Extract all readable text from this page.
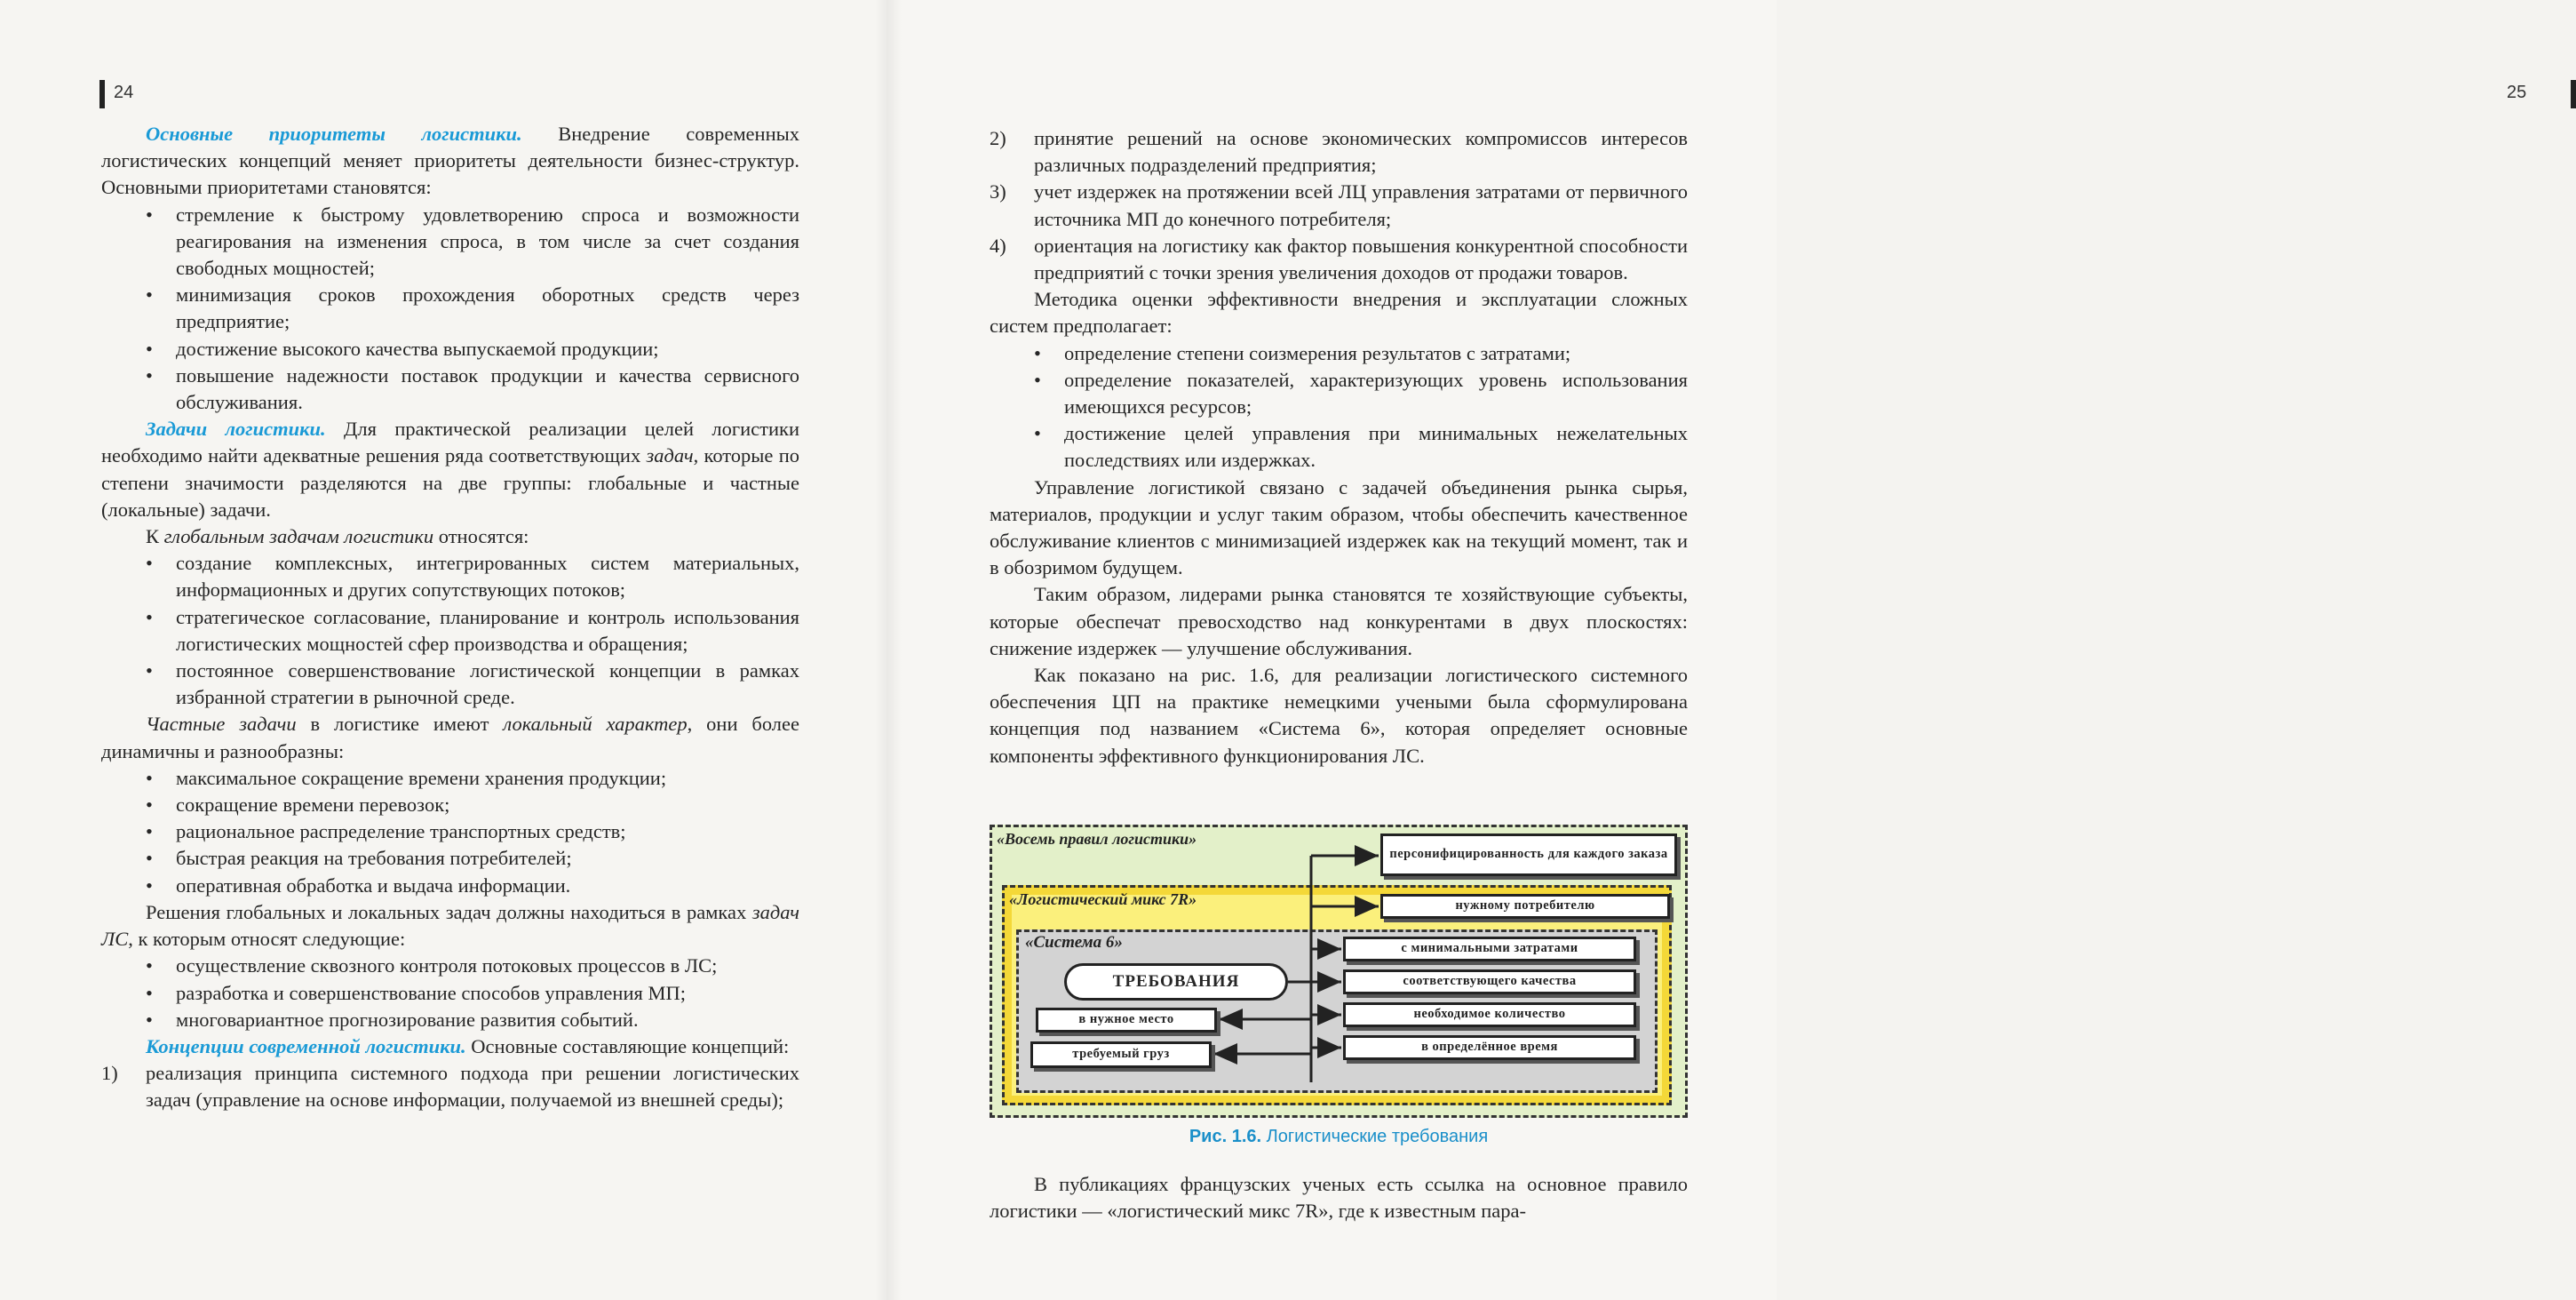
24

Основные приоритеты логистики. Внедрение современных логистических концепций меняет приоритеты деятельности бизнес-структур. Основными приоритетами становятся:

• стремление к быстрому удовлетворению спроса и возможности реагирования на изменения спроса, в том числе за счет создания свободных мощностей;

• минимизация сроков прохождения оборотных средств через предприятие;

• достижение высокого качества выпускаемой продукции;

• повышение надежности поставок продукции и качества сервисного обслуживания.

Задачи логистики. Для практической реализации целей логистики необходимо найти адекватные решения ряда соответствующих задач, которые по степени значимости разделяются на две группы: глобальные и частные (локальные) задачи.

К глобальным задачам логистики относятся:

• создание комплексных, интегрированных систем материальных, информационных и других сопутствующих потоков;

• стратегическое согласование, планирование и контроль использования логистических мощностей сфер производства и обращения;

• постоянное совершенствование логистической концепции в рамках избранной стратегии в рыночной среде.

Частные задачи в логистике имеют локальный характер, они более динамичны и разнообразны:

• максимальное сокращение времени хранения продукции;

• сокращение времени перевозок;

• рациональное распределение транспортных средств;

• быстрая реакция на требования потребителей;

• оперативная обработка и выдача информации.

Решения глобальных и локальных задач должны находиться в рамках задач ЛС, к которым относят следующие:

• осуществление сквозного контроля потоковых процессов в ЛС;

• разработка и совершенствование способов управления МП;

• многовариантное прогнозирование развития событий.

Концепции современной логистики. Основные составляющие концепций:

1) реализация принципа системного подхода при решении логистических задач (управление на основе информации, получаемой из внешней среды);

25

2) принятие решений на основе экономических компромиссов интересов различных подразделений предприятия;

3) учет издержек на протяжении всей ЛЦ управления затратами от первичного источника МП до конечного потребителя;

4) ориентация на логистику как фактор повышения конкурентной способности предприятий с точки зрения увеличения доходов от продажи товаров.

Методика оценки эффективности внедрения и эксплуатации сложных систем предполагает:

• определение степени соизмерения результатов с затратами;

• определение показателей, характеризующих уровень использования имеющихся ресурсов;

• достижение целей управления при минимальных нежелательных последствиях или издержках.

Управление логистикой связано с задачей объединения рынка сырья, материалов, продукции и услуг таким образом, чтобы обеспечить качественное обслуживание клиентов с минимизацией издержек как на текущий момент, так и в обозримом будущем.

Таким образом, лидерами рынка становятся те хозяйствующие субъекты, которые обеспечат превосходство над конкурентами в двух плоскостях: снижение издержек — улучшение обслуживания.

Как показано на рис. 1.6, для реализации логистического системного обеспечения ЦП на практике немецкими учеными была сформулирована концепция под названием «Система 6», которая определяет основные компоненты эффективного функционирования ЛС.

«Восемь правил логистики»
«Логистический микс 7R»
«Система 6»
ТРЕБОВАНИЯ
в нужное место
требуемый груз
персонифицированность для каждого заказа
нужному потребителю
с минимальными затратами
соответствующего качества
необходимое количество
в определённое время
Рис. 1.6. Логистические требования

В публикациях французских ученых есть ссылка на основное правило логистики — «логистический микс 7R», где к известным пара-
